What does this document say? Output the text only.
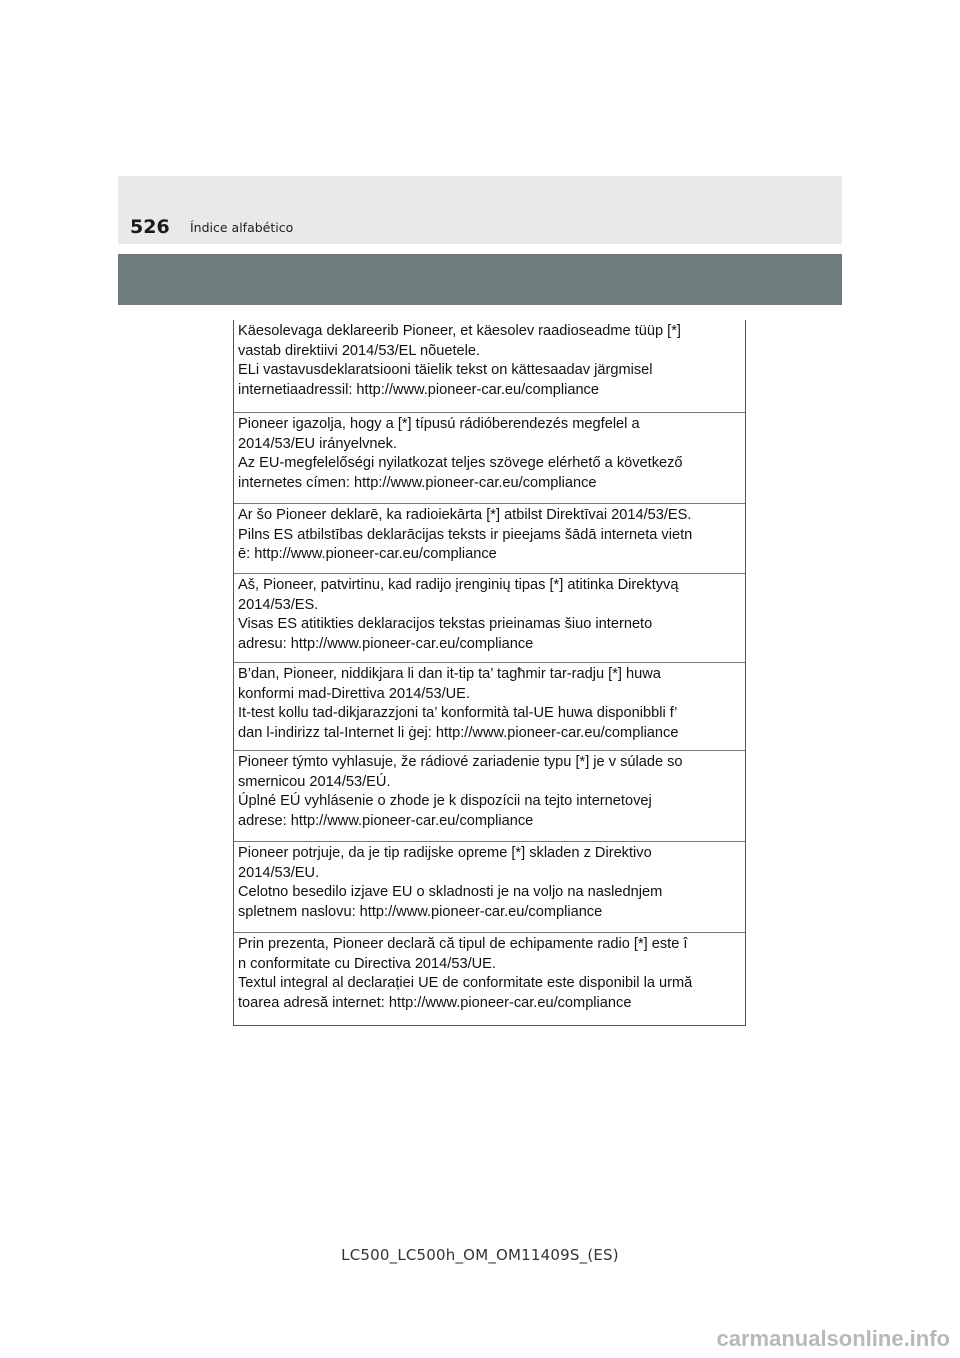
526 Índice alfabético
Käesolevaga deklareerib Pioneer, et käesolev raadioseadme tüüp [*]
vastab direktiivi 2014/53/EL nõuetele.
ELi vastavusdeklaratsiooni täielik tekst on kättesaadav järgmisel
internetiaadressil: http://www.pioneer-car.eu/compliance
Pioneer igazolja, hogy a [*] típusú rádióberendezés megfelel a
2014/53/EU irányelvnek.
Az EU-megfelelőségi nyilatkozat teljes szövege elérhető a következő
internetes címen: http://www.pioneer-car.eu/compliance
Ar šo Pioneer deklarē, ka radioiekārta [*] atbilst Direktīvai 2014/53/ES.
Pilns ES atbilstības deklarācijas teksts ir pieejams šādā interneta vietn
ē: http://www.pioneer-car.eu/compliance
Aš, Pioneer, patvirtinu, kad radijo įrenginių tipas [*] atitinka Direktyvą
2014/53/ES.
Visas ES atitikties deklaracijos tekstas prieinamas šiuo interneto
adresu: http://www.pioneer-car.eu/compliance
B’dan, Pioneer, niddikjara li dan it-tip ta’ tagħmir tar-radju [*] huwa
konformi mad-Direttiva 2014/53/UE.
It-test kollu tad-dikjarazzjoni ta’ konformità tal-UE huwa disponibbli f’
dan l-indirizz tal-Internet li ġej: http://www.pioneer-car.eu/compliance
Pioneer týmto vyhlasuje, že rádiové zariadenie typu [*] je v súlade so
smernicou 2014/53/EÚ.
Úplné EÚ vyhlásenie o zhode je k dispozícii na tejto internetovej
adrese: http://www.pioneer-car.eu/compliance
Pioneer potrjuje, da je tip radijske opreme [*] skladen z Direktivo
2014/53/EU.
Celotno besedilo izjave EU o skladnosti je na voljo na naslednjem
spletnem naslovu: http://www.pioneer-car.eu/compliance
Prin prezenta, Pioneer declară că tipul de echipamente radio [*] este î
n conformitate cu Directiva 2014/53/UE.
Textul integral al declarației UE de conformitate este disponibil la urmă
toarea adresă internet: http://www.pioneer-car.eu/compliance
LC500_LC500h_OM_OM11409S_(ES)
carmanualsonline.info
